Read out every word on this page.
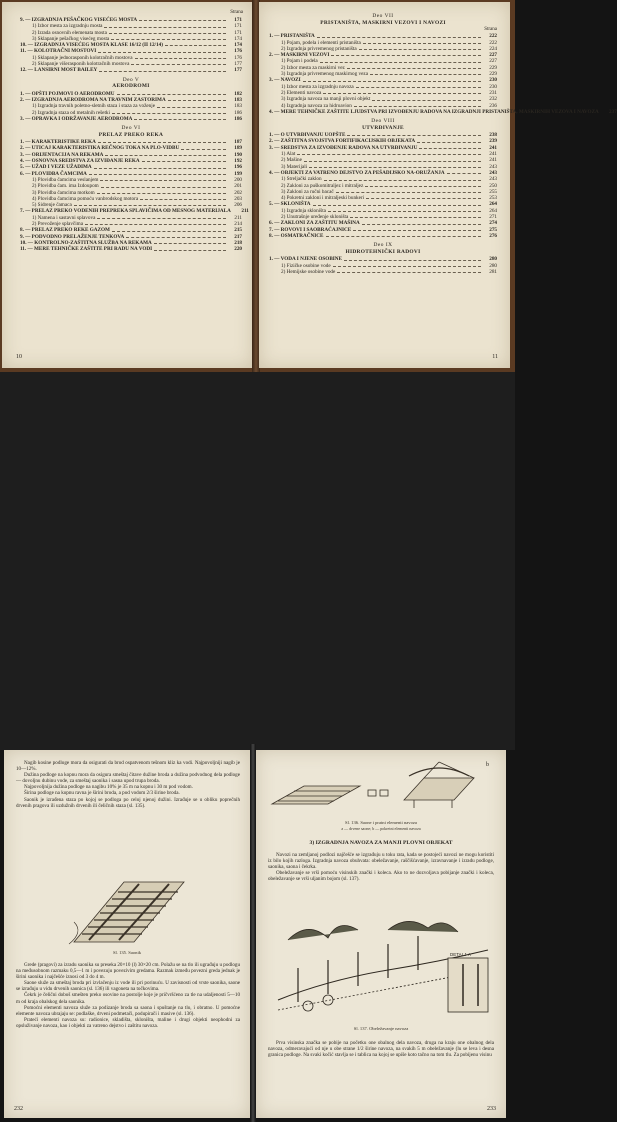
Strana
9. — IZGRADNJA PEŠAČKOG VISEĆEG MOSTA	171
1) Izbor mesta za izgradnju mosta	171
2) Izrada osnovnih elemenata mosta	171
3) Sklapanje pešačkog visećeg mosta	174
10. — IZGRADNJA VISEĆEG MOSTA KLASE 16/12 (II 12/14)	174
11. — KOLOTRAČNI MOSTOVI	176
1) Sklapanje jednorasponih kolotračnih mostova	176
2) Sklapanje višerasponih kolotračnih mostova	177
12. — LANSIRNI MOST BAILEY	177
Deo V
AERODROMI
1. — OPŠTI POJMOVI O AERODROMU	182
2. — IZGRADNJA AERODROMA NA TRAVNIM ZASTORIMA	183
1) Izgradnja travnih poletno-sletnih staza i staza za voženje	183
2) Izgradnja staza od metalnih rešetki	186
3. — OPRAVKA I ODRŽAVANJE AERODROMA	186
Deo VI
PRELAZ PREKO REKA
1. — KARAKTERISTIKE REKA	187
2. — UTICAJ KARAKTERISTIKA REČNOG TOKA NA PLO-VIDBU	189
3. — ORIJENTACIJA NA REKAMA	190
4. — OSNOVNA SREDSTVA ZA IZVIĐANJE REKA	192
5. — UŽAD I VEZE UŽADIMA	196
6. — PLOVIDBA ČAMCIMA	199
1) Plovidba čamcima veslanjem	200
2) Plovidba čam. ima Izdoupom	201
3) Plovidba čamcima motkom	202
4) Plovidba čamcima pomoću vanbrodskog motora	203
5) Sidrenje čamaca	206
7. — PRELAZ PREKO VODENIH PREPREKA SPLAVIČIMA OD MESNOG MATERIJALA	211
1) Namena i sastavni splavova	211
2) Prevoženje splavčima	214
8. — PRELAZ PREKO REKE GAZOM	215
9. — PODVODNO PRELAŽENJE TENKOVA	217
10. — KONTROLNO-ZAŠTITNA SLUŽBA NA REKAMA	218
11. — MERE TEHNIČKE ZAŠTITE PRI RADU NA VODI	220
10
Deo VII
PRISTANIŠTA, MASKIRNI VEZOVI I NAVOZI
Strana
1. — PRISTANIŠTA	222
1) Pojam, podela i elementi pristaništa	222
2) Izgradnja privremenog pristaništa	224
2. — MASKIRNI VEZOVI	227
1) Pojam i podela	227
2) Izbor mesta za maskirni vez	229
3) Izgradnja privremenog maskirnog veza	229
3. — NAVOZI	230
1) Izbor mesta za izgradnju navoza	230
2) Elementi navoza	231
3) Izgradnja navoza na manji plovni objekt	232
4) Izgradnja navoza za hidroavion	236
4. — MERE TEHNIČKE ZAŠTITE LJUDSTVA PRI IZVOĐENJU RADOVA NA IZGRADNJI PRISTANIŠTA, MASKIRNIH VEZOVA I NAVOZA	237
Deo VIII
UTVRĐIVANJE
1. — O UTVRĐIVANJU UOPŠTE	238
2. — ZAŠTITNA SVOJSTVA FORTIFIKACIJSKIH OBJEKATA	239
3. — SREDSTVA ZA IZVOĐENJE RADOVA NA UTVRĐIVANJU	241
1) Alat	241
2) Mašine	241
3) Materijali	243
4. — OBJEKTI ZA VATRENO DEJSTVO ZA PEŠADIJSKO NA-ORUŽANJA	243
1) Streljački zaklon	243
2) Zakloni za puškomitraljez i mitraljez	250
3) Zakloni za ručni bacač	255
4) Pokretni zakloni i mitraljeski bunkeri	253
5. — SKLONIŠTA	264
1) Izgradnja skloništa	264
2) Unutrašnje uređenje skloništa	271
6. — ZAKLONI ZA ZAŠTITU MAŠINA	274
7. — ROVOVI I SAOBRAĆAJNICE	275
8. — OSMATRAČNICE	276
Deo IX
HIDROTEHNIČKI RADOVI
1. — VODA I NJENE OSOBINE	280
1) Fizičke osobine vode	280
2) Hemijske osobine vode	281
11

Nagib kosine podloge mora da osigurati da brod ospatvenom tešnom kliz ka vodi. Najpovoljniji nagib je 10—12%.

Dužina podloge na kopnu mora da osigura smeštaj čitave dužine broda a dužina podvodnog dela podloge — dovoljnu dubinu vode, za smeštaj saonika i sasna upod trupa broda.

Najpovoljnija dužina podloge na nagibu 10% je 35 m na kopnu i 30 m pod vodom.

Širina podloge na kopnu ravna je širini broda, a pod vodom 2/3 širine broda.

Saonik je izrađena staza po kojoj se podloga po celoj njenoj dužini. Izrađuje se u obliku poprečnih drvenih pragova ili uzdužnih drvenih ili čeličnih staza (sl. 135).

Sl. 135. Saonik

Grede (pragovi) za izradu saonika su preseka 20×10 (l) 30×20 cm. Polažu se na tlo ili ugrađuju u podlogu na međusobnom razmaku 0,5—1 m i povezuju povezivim gredama. Razmak između povezni greda jednak je širini saonika i najčešće iznosi od 3 do 4 m.

Saone služe za smeštaj broda pri izvlačenju iz vode ili pri porinuću. U zavisnosti od vrste saonika, saone se izrađuju u vidu drvenih saonica (sl. 136) ili vagoneta na točkovima.

Čekrk je čelični doboš smešten preko osovine na postolje koje je pričvršćeno za tle na udaljenosti 5—10 m od kraja obalskog dela saonika.

Pomoćni elementi navoza služe za podizanje broda sa saona i spuštanje na tlo, i obratno. U pomoćne elemente navoza ubrajaju se: podlaške, drveni podmetači, podupirači i masive (sl. 136).

Pratećí elementi navoza su: radionice, skladišta, skloništa, maline i drugi objekti neophodni za opsluživanje navoza, kao i objekti za vatreno dejstvo i zaštitu navoza.

232
b
Sl. 136. Saone i pratni elementi navoza
a — drvene saone; b — pokretni elementi navoza
3) IZGRADNJA NAVOZA ZA MANJI PLOVNI OBJEKAT

Navozi na zemljanoj podlozi najčešće se izgrađuju u toku rata, kada se postojeći navozi ne mogu koristiti iz bilo kojih razloga. Izgradnja navoza obuhvata: obeležavanje, raščišćavanje, izravnavanje i izradu podloge, saonika, saona i čekrka.

Obeležavanje se vrši pomoću visinskih znački i koleca. Ako to ne dozvoljava pobijanje znački i koleca, obeležavanje se vrši uljanim bojom (sl. 137).

DETALJ-A
Sl. 137. Obeležavanje navoza

Prva visinska značka se pobije na početku one obalnog dela navoza, druga na kraju one obalnog dela navoza, odmeravajući od nje u obe strane 1/2 širine navoza, na svakih 5 m obeležavanje (lu se leva i desna granica podloge. Na svaki kočić stavlja se i tablica na kojoj se upiše koto tačno na tom tlu. Za pobijenu visinu

233
